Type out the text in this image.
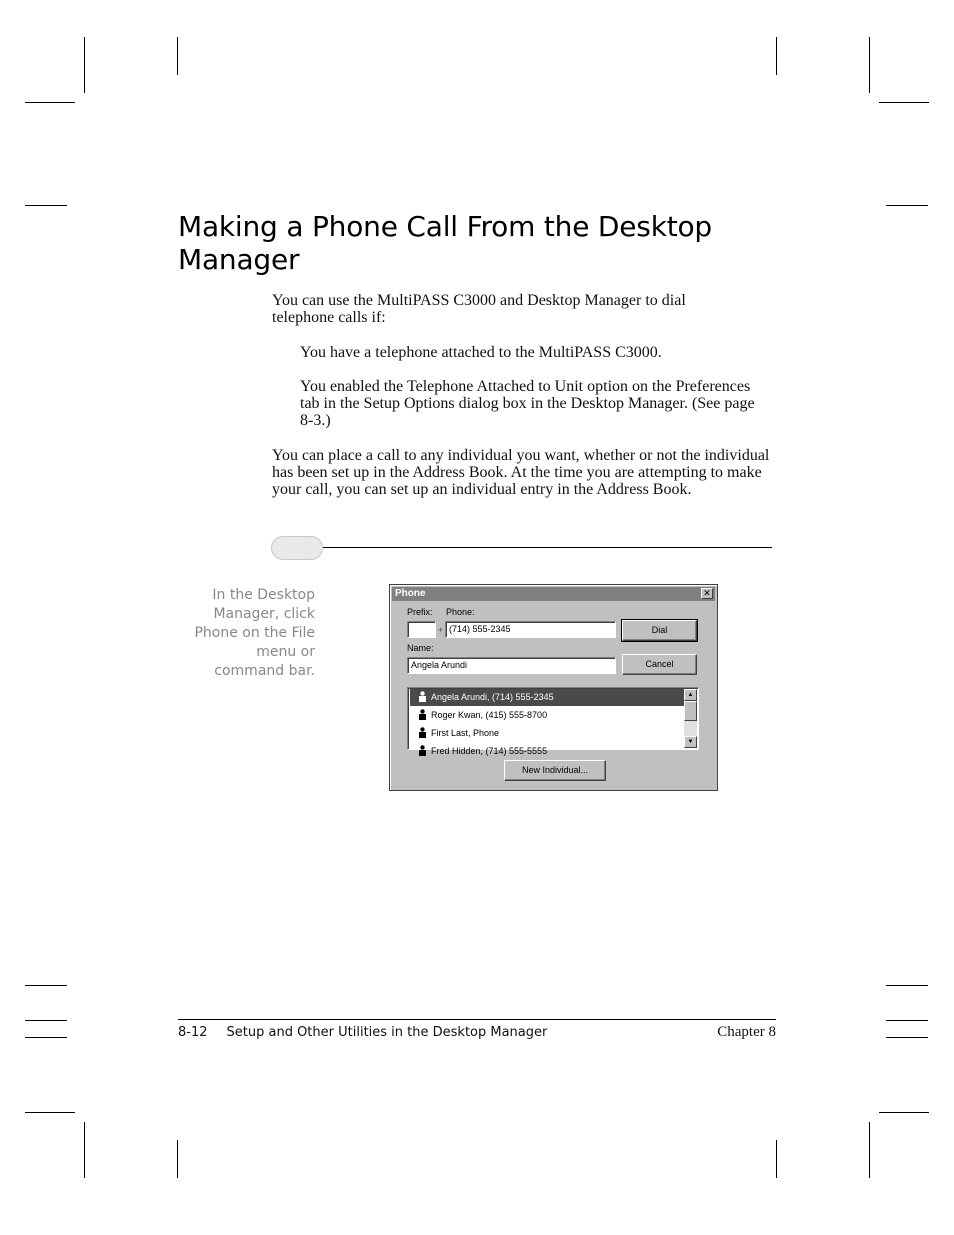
Making a Phone Call From the Desktop Manager

You can use the MultiPASS C3000 and Desktop Manager to dial telephone calls if:

You have a telephone attached to the MultiPASS C3000.

You enabled the Telephone Attached to Unit option on the Preferences tab in the Setup Options dialog box in the Desktop Manager. (See page 8-3.)

You can place a call to any individual you want, whether or not the individual has been set up in the Address Book. At the time you are attempting to make your call, you can set up an individual entry in the Address Book.

In the Desktop Manager, click Phone on the File menu or command bar.

Phone	✕
Prefix: Phone:
+ (714) 555-2345	Dial
Name:
Angela Arundi	Cancel
Angela Arundi, (714) 555-2345
Roger Kwan, (415) 555-8700
First Last, Phone
Fred Hidden, (714) 555-5555
▲
▼
New Individual...
8-12 Setup and Other Utilities in the Desktop Manager	Chapter 8
